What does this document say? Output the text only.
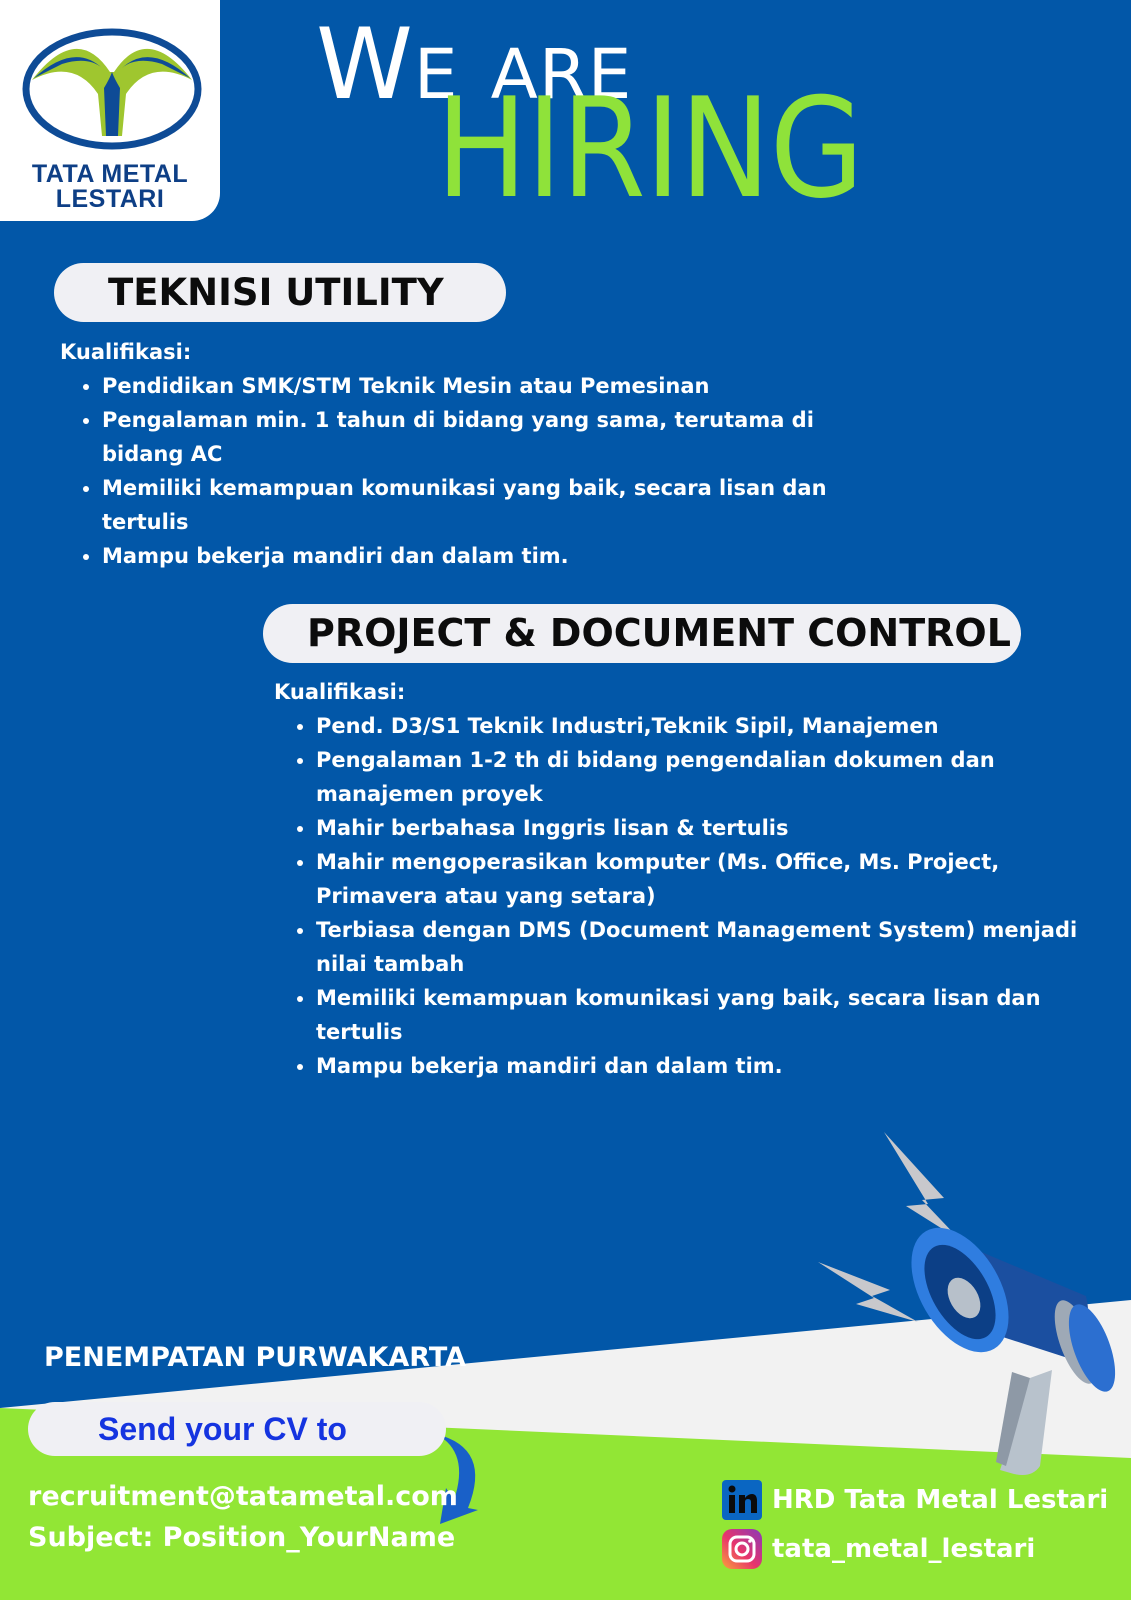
TATA METAL
LESTARI
We are
HIRING
TEKNISI UTILITY

Kualifikasi:

• Pendidikan SMK/STM Teknik Mesin atau Pemesinan
• Pengalaman min. 1 tahun di bidang yang sama, terutama di bidang AC
• Memiliki kemampuan komunikasi yang baik, secara lisan dan tertulis
• Mampu bekerja mandiri dan dalam tim.
PROJECT & DOCUMENT CONTROL

Kualifikasi:

• Pend. D3/S1 Teknik Industri,Teknik Sipil, Manajemen
• Pengalaman 1-2 th di bidang pengendalian dokumen dan manajemen proyek
• Mahir berbahasa Inggris lisan & tertulis
• Mahir mengoperasikan komputer (Ms. Office, Ms. Project, Primavera atau yang setara)
• Terbiasa dengan DMS (Document Management System) menjadi nilai tambah
• Memiliki kemampuan komunikasi yang baik, secara lisan dan tertulis
• Mampu bekerja mandiri dan dalam tim.
PENEMPATAN PURWAKARTA
Send your CV to
recruitment@tatametal.com
Subject: Position_YourName
HRD Tata Metal Lestari
tata_metal_lestari
